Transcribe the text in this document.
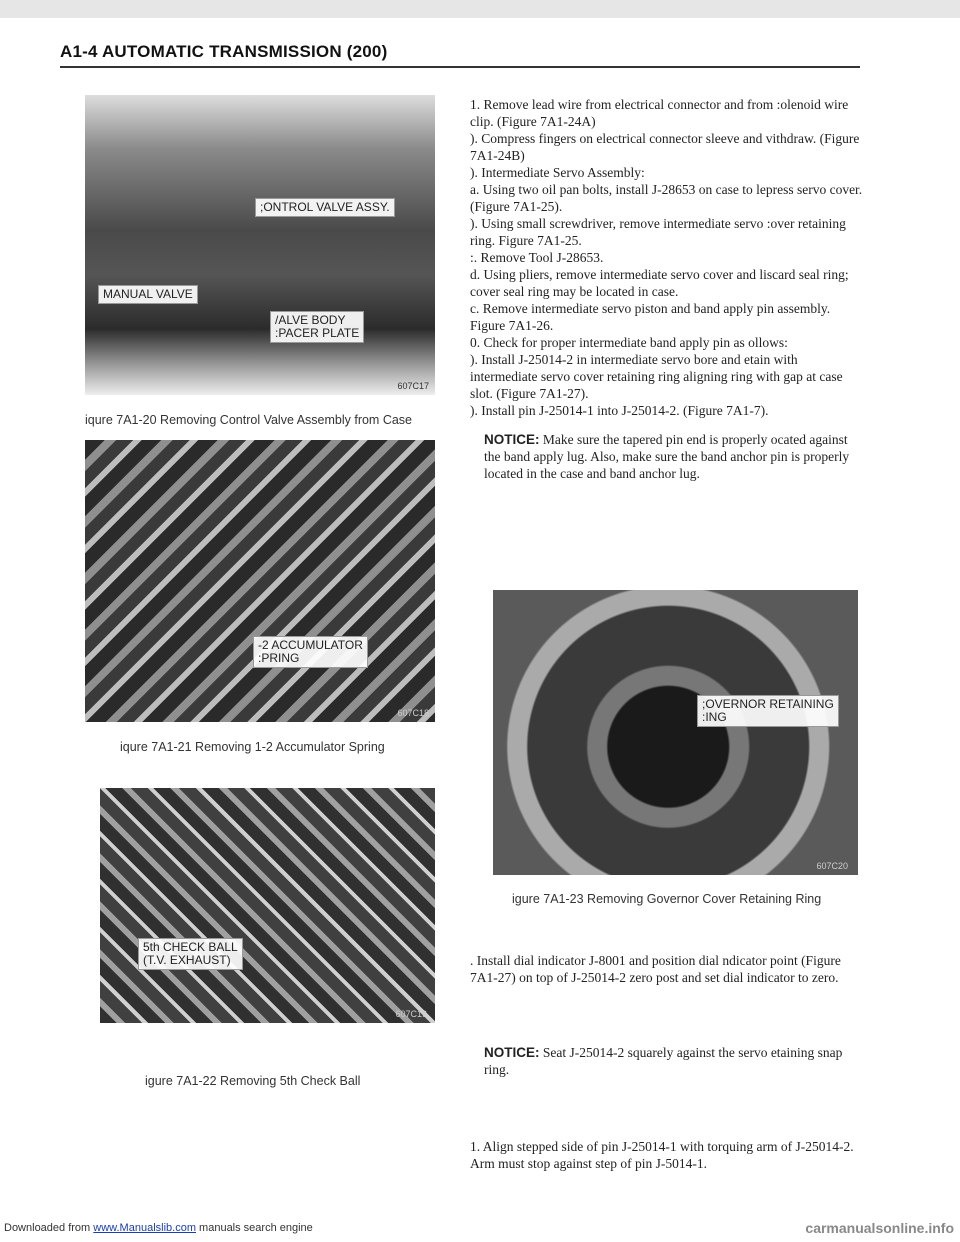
A1-4 AUTOMATIC TRANSMISSION (200)
;ONTROL VALVE ASSY.
MANUAL VALVE
/ALVE BODY
:PACER PLATE
607C17
iqure 7A1-20 Removing Control Valve Assembly from Case
-2 ACCUMULATOR
:PRING
607C18
iqure 7A1-21 Removing 1-2 Accumulator Spring
5th CHECK BALL
(T.V. EXHAUST)
607C19
igure 7A1-22 Removing 5th Check Ball

1. Remove lead wire from electrical connector and from :olenoid wire clip. (Figure 7A1-24A)

). Compress fingers on electrical connector sleeve and vithdraw. (Figure 7A1-24B)

). Intermediate Servo Assembly:

a. Using two oil pan bolts, install J-28653 on case to lepress servo cover. (Figure 7A1-25).

). Using small screwdriver, remove intermediate servo :over retaining ring. Figure 7A1-25.

:. Remove Tool J-28653.

d. Using pliers, remove intermediate servo cover and liscard seal ring; cover seal ring may be located in case.

c. Remove intermediate servo piston and band apply pin assembly. Figure 7A1-26.

0. Check for proper intermediate band apply pin as ollows:

). Install J-25014-2 in intermediate servo bore and etain with intermediate servo cover retaining ring aligning ring with gap at case slot. (Figure 7A1-27).

). Install pin J-25014-1 into J-25014-2. (Figure 7A1-7).

NOTICE: Make sure the tapered pin end is properly ocated against the band apply lug. Also, make sure the band anchor pin is properly located in the case and band anchor lug.

;OVERNOR RETAINING
:ING
607C20
igure 7A1-23 Removing Governor Cover Retaining Ring

. Install dial indicator J-8001 and position dial ndicator point (Figure 7A1-27) on top of J-25014-2 zero post and set dial indicator to zero.

NOTICE: Seat J-25014-2 squarely against the servo etaining snap ring.

1. Align stepped side of pin J-25014-1 with torquing arm of J-25014-2. Arm must stop against step of pin J-5014-1.

Downloaded from www.Manualslib.com manuals search engine	carmanualsonline.info
